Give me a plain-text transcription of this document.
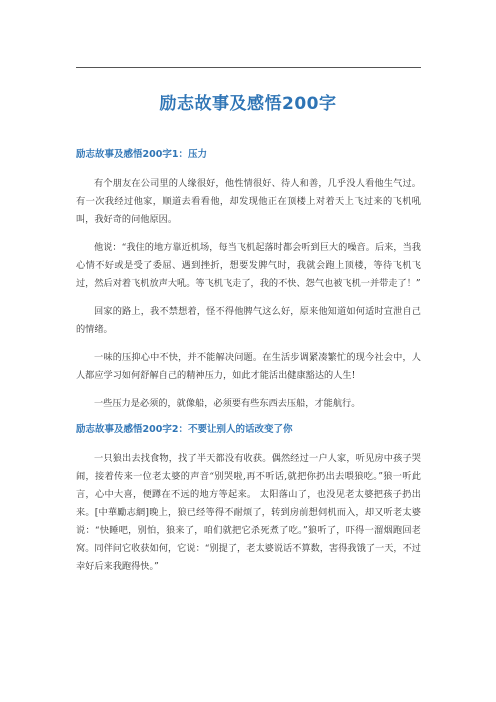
励志故事及感悟200字
励志故事及感悟200字1：压力

有个朋友在公司里的人缘很好，他性情很好、待人和善，几乎没人看他生气过。有一次我经过他家，顺道去看看他，却发现他正在顶楼上对着天上飞过来的飞机吼叫，我好奇的问他原因。

他说：“我住的地方靠近机场，每当飞机起落时都会听到巨大的噪音。后来，当我心情不好或是受了委屈、遇到挫折，想要发脾气时，我就会跑上顶楼，等待飞机飞过，然后对着飞机放声大吼。等飞机飞走了，我的不快、怨气也被飞机一并带走了！”

回家的路上，我不禁想着，怪不得他脾气这么好，原来他知道如何适时宣泄自己的情绪。

一味的压抑心中不快，并不能解决问题。在生活步调紧凑繁忙的现今社会中，人人都应学习如何舒解自己的精神压力，如此才能活出健康豁达的人生!

一些压力是必须的，就像船，必须要有些东西去压船，才能航行。

励志故事及感悟200字2：不要让别人的话改变了你

一只狼出去找食物，找了半天都没有收获。偶然经过一户人家，听见房中孩子哭闹，接着传来一位老太婆的声音“别哭啦,再不听话,就把你扔出去喂狼吃。”狼一听此言，心中大喜，便蹲在不远的地方等起来。 太阳落山了，也没见老太婆把孩子扔出来。[中華勵志網]晚上，狼已经等得不耐烦了，转到房前想伺机而入，却又听老太婆说：“快睡吧，别怕，狼来了，咱们就把它杀死煮了吃。”狼听了，吓得一溜烟跑回老窝。同伴问它收获如何，它说：“别提了，老太婆说话不算数，害得我饿了一天，不过幸好后来我跑得快。”
